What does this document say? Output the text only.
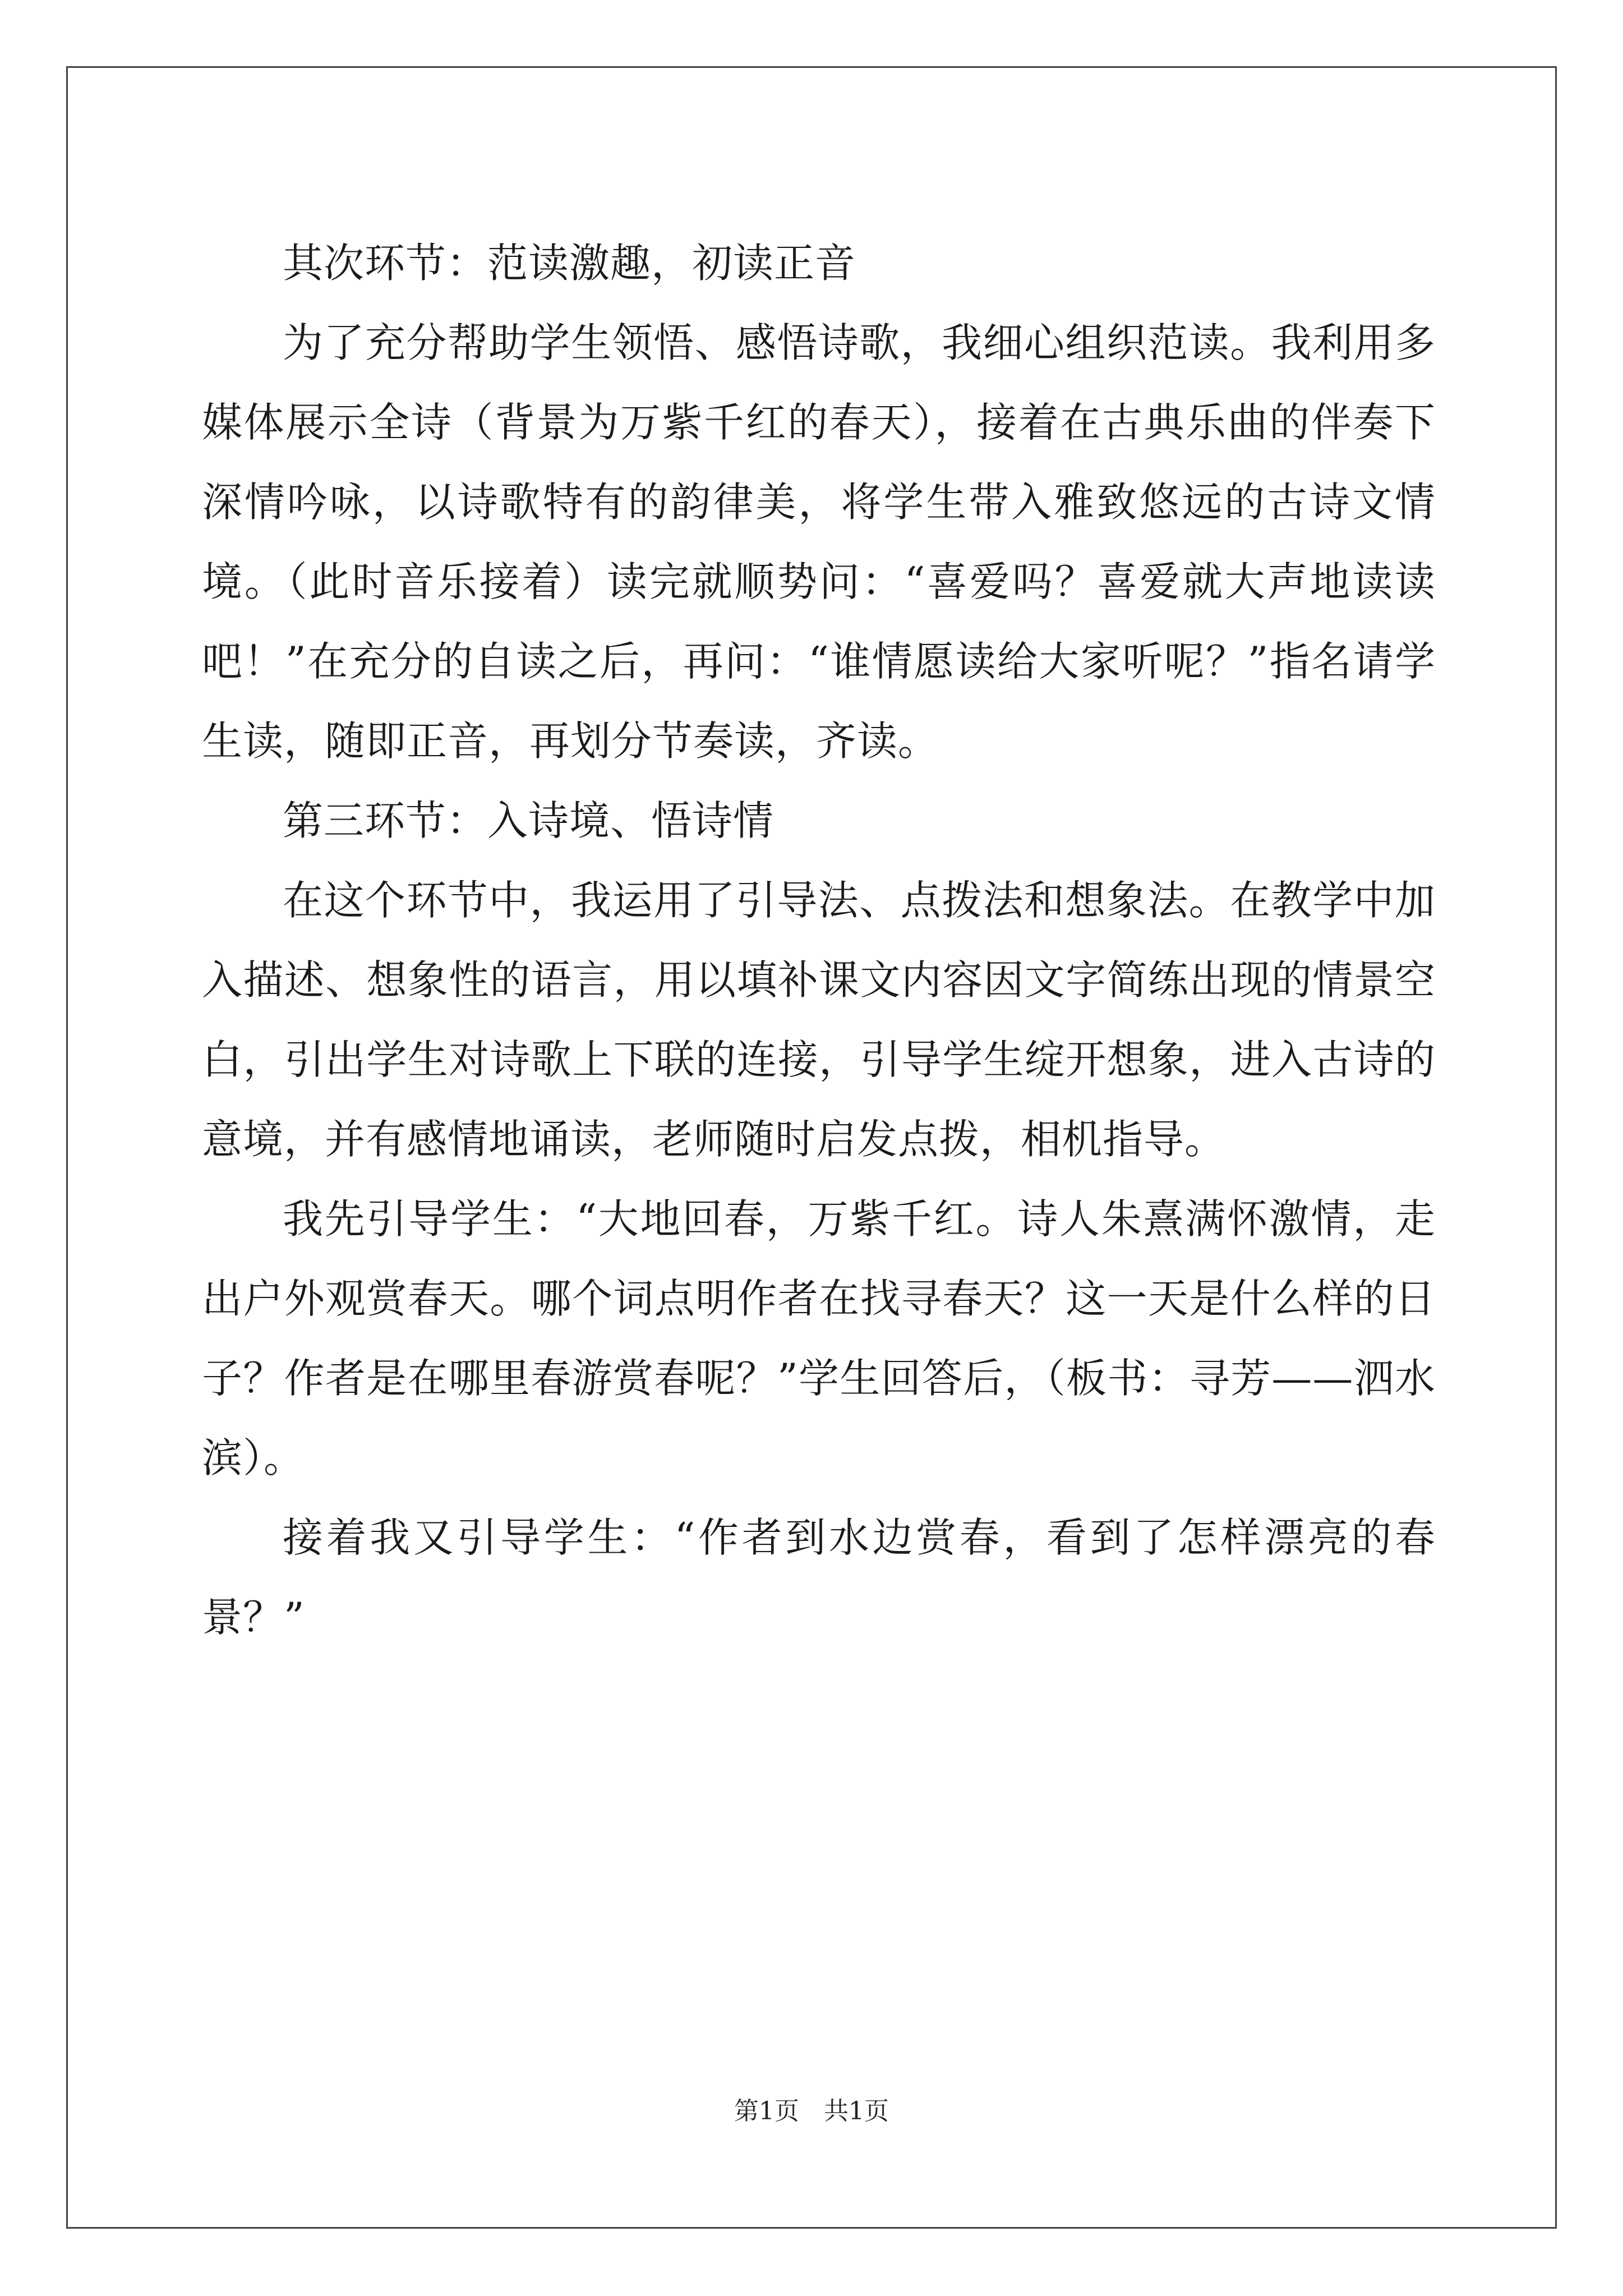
其次环节：范读激趣，初读正音

为了充分帮助学生领悟、感悟诗歌，我细心组织范读。我利用多媒体展示全诗（背景为万紫千红的春天），接着在古典乐曲的伴奏下深情吟咏，以诗歌特有的韵律美，将学生带入雅致悠远的古诗文情境。（此时音乐接着）读完就顺势问：“喜爱吗？喜爱就大声地读读吧！”在充分的自读之后，再问：“谁情愿读给大家听呢？”指名请学生读，随即正音，再划分节奏读，齐读。

第三环节：入诗境、悟诗情

在这个环节中，我运用了引导法、点拨法和想象法。在教学中加入描述、想象性的语言，用以填补课文内容因文字简练出现的情景空白，引出学生对诗歌上下联的连接，引导学生绽开想象，进入古诗的意境，并有感情地诵读，老师随时启发点拨，相机指导。

我先引导学生：“大地回春，万紫千红。诗人朱熹满怀激情，走出户外观赏春天。哪个词点明作者在找寻春天？这一天是什么样的日子？作者是在哪里春游赏春呢？”学生回答后，（板书：寻芳——泗水滨）。

接着我又引导学生：“作者到水边赏春，看到了怎样漂亮的春景？”

第1页 共1页
